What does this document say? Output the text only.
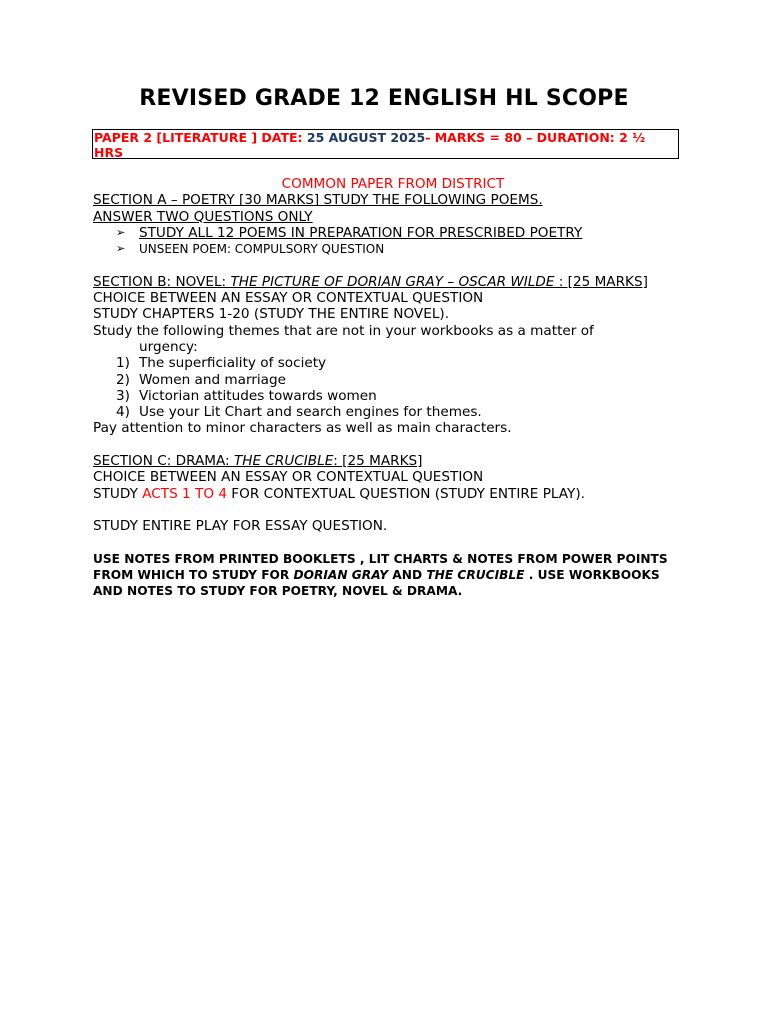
REVISED GRADE 12 ENGLISH HL SCOPE
PAPER 2 [LITERATURE ] DATE: 25 AUGUST 2025- MARKS = 80 – DURATION: 2 ½ HRS
COMMON PAPER FROM DISTRICT
SECTION A – POETRY [30 MARKS] STUDY THE FOLLOWING POEMS.
ANSWER TWO QUESTIONS ONLY
➢	STUDY ALL 12 POEMS IN PREPARATION FOR PRESCRIBED POETRY
➢	UNSEEN POEM: COMPULSORY QUESTION
SECTION B: NOVEL: THE PICTURE OF DORIAN GRAY – OSCAR WILDE : [25 MARKS]
CHOICE BETWEEN AN ESSAY OR CONTEXTUAL QUESTION
STUDY CHAPTERS 1-20 (STUDY THE ENTIRE NOVEL).
Study the following themes that are not in your workbooks as a matter of
urgency:
1) The superficiality of society
2) Women and marriage
3) Victorian attitudes towards women
4) Use your Lit Chart and search engines for themes.
Pay attention to minor characters as well as main characters.
SECTION C: DRAMA: THE CRUCIBLE: [25 MARKS]
CHOICE BETWEEN AN ESSAY OR CONTEXTUAL QUESTION
STUDY ACTS 1 TO 4 FOR CONTEXTUAL QUESTION (STUDY ENTIRE PLAY).
STUDY ENTIRE PLAY FOR ESSAY QUESTION.
USE NOTES FROM PRINTED BOOKLETS , LIT CHARTS & NOTES FROM POWER POINTS FROM WHICH TO STUDY FOR DORIAN GRAY AND THE CRUCIBLE . USE WORKBOOKS AND NOTES TO STUDY FOR POETRY, NOVEL & DRAMA.
